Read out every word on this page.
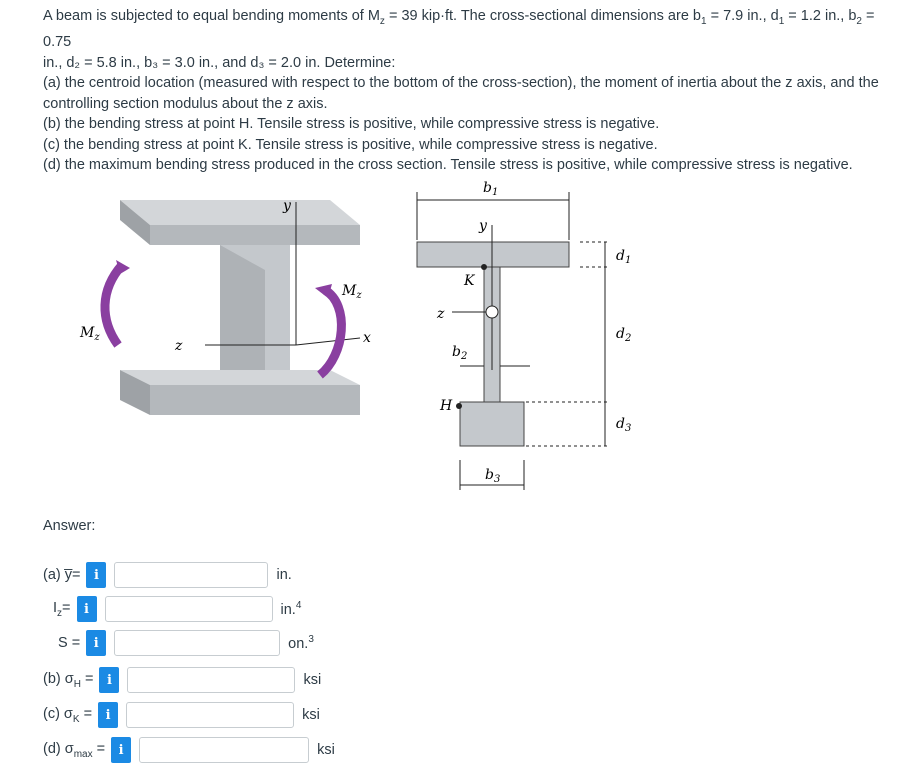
A beam is subjected to equal bending moments of $M_z = 39$ kip·ft. The cross-sectional dimensions are $b_1 = 7.9$ in., $d_1 = 1.2$ in., $b_2 = 0.75$

in., d₂ = 5.8 in., b₃ = 3.0 in., and d₃ = 2.0 in. Determine:

(a) the centroid location (measured with respect to the bottom of the cross-section), the moment of inertia about the z axis, and the

controlling section modulus about the z axis.

(b) the bending stress at point H. Tensile stress is positive, while compressive stress is negative.

(c) the bending stress at point K. Tensile stress is positive, while compressive stress is negative.

(d) the maximum bending stress produced in the cross section. Tensile stress is positive, while compressive stress is negative.

y
$M_z$
$M_z$
z	x
$b_1$
y
K
z
$b_2$
H
$b_3$
$d_1$
$d_2$
$d_3$
Answer:
(a) y̅=	i	in.
$I_z=$	i	in.$^4$
S =	i	on.$^3$
(b) $\sigma_H$ =	i	ksi
(c) $\sigma_K$ =	i	ksi
(d) $\sigma_{max}$ =	i	ksi
